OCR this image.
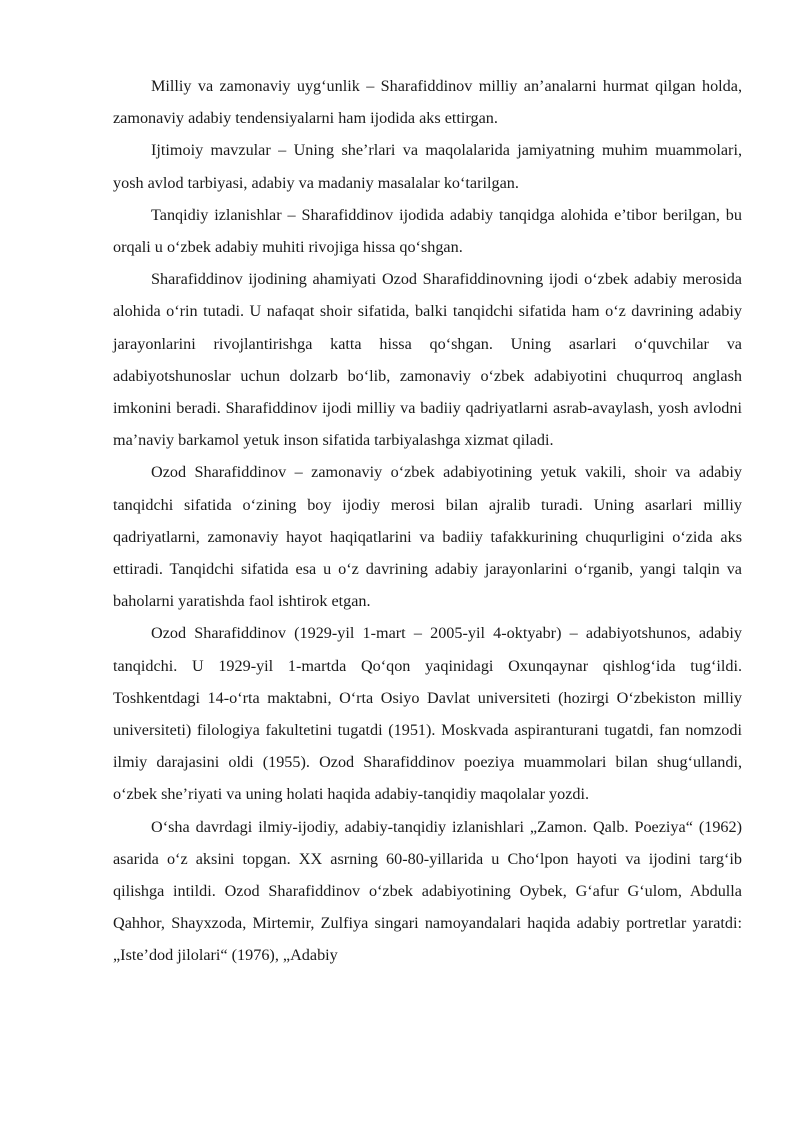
Milliy va zamonaviy uyg‘unlik – Sharafiddinov milliy an’analarni hurmat qilgan holda, zamonaviy adabiy tendensiyalarni ham ijodida aks ettirgan.

Ijtimoiy mavzular – Uning she’rlari va maqolalarida jamiyatning muhim muammolari, yosh avlod tarbiyasi, adabiy va madaniy masalalar ko‘tarilgan.

Tanqidiy izlanishlar – Sharafiddinov ijodida adabiy tanqidga alohida e’tibor berilgan, bu orqali u o‘zbek adabiy muhiti rivojiga hissa qo‘shgan.

Sharafiddinov ijodining ahamiyati Ozod Sharafiddinovning ijodi o‘zbek adabiy merosida alohida o‘rin tutadi. U nafaqat shoir sifatida, balki tanqidchi sifatida ham o‘z davrining adabiy jarayonlarini rivojlantirishga katta hissa qo‘shgan. Uning asarlari o‘quvchilar va adabiyotshunoslar uchun dolzarb bo‘lib, zamonaviy o‘zbek adabiyotini chuqurroq anglash imkonini beradi. Sharafiddinov ijodi milliy va badiiy qadriyatlarni asrab-avaylash, yosh avlodni ma’naviy barkamol yetuk inson sifatida tarbiyalashga xizmat qiladi.

Ozod Sharafiddinov – zamonaviy o‘zbek adabiyotining yetuk vakili, shoir va adabiy tanqidchi sifatida o‘zining boy ijodiy merosi bilan ajralib turadi. Uning asarlari milliy qadriyatlarni, zamonaviy hayot haqiqatlarini va badiiy tafakkurining chuqurligini o‘zida aks ettiradi. Tanqidchi sifatida esa u o‘z davrining adabiy jarayonlarini o‘rganib, yangi talqin va baholarni yaratishda faol ishtirok etgan.

Ozod Sharafiddinov (1929-yil 1-mart – 2005-yil 4-oktyabr) – adabiyotshunos, adabiy tanqidchi. U 1929-yil 1-martda Qo‘qon yaqinidagi Oxunqaynar qishlog‘ida tug‘ildi. Toshkentdagi 14-o‘rta maktabni, O‘rta Osiyo Davlat universiteti (hozirgi O‘zbekiston milliy universiteti) filologiya fakultetini tugatdi (1951). Moskvada aspiranturani tugatdi, fan nomzodi ilmiy darajasini oldi (1955). Ozod Sharafiddinov poeziya muammolari bilan shug‘ullandi, o‘zbek she’riyati va uning holati haqida adabiy-tanqidiy maqolalar yozdi.

O‘sha davrdagi ilmiy-ijodiy, adabiy-tanqidiy izlanishlari „Zamon. Qalb. Poeziya“ (1962) asarida o‘z aksini topgan. XX asrning 60-80-yillarida u Cho‘lpon hayoti va ijodini targ‘ib qilishga intildi. Ozod Sharafiddinov o‘zbek adabiyotining Oybek, G‘afur G‘ulom, Abdulla Qahhor, Shayxzoda, Mirtemir, Zulfiya singari namoyandalari haqida adabiy portretlar yaratdi: „Iste’dod jilolari“ (1976), „Adabiy
